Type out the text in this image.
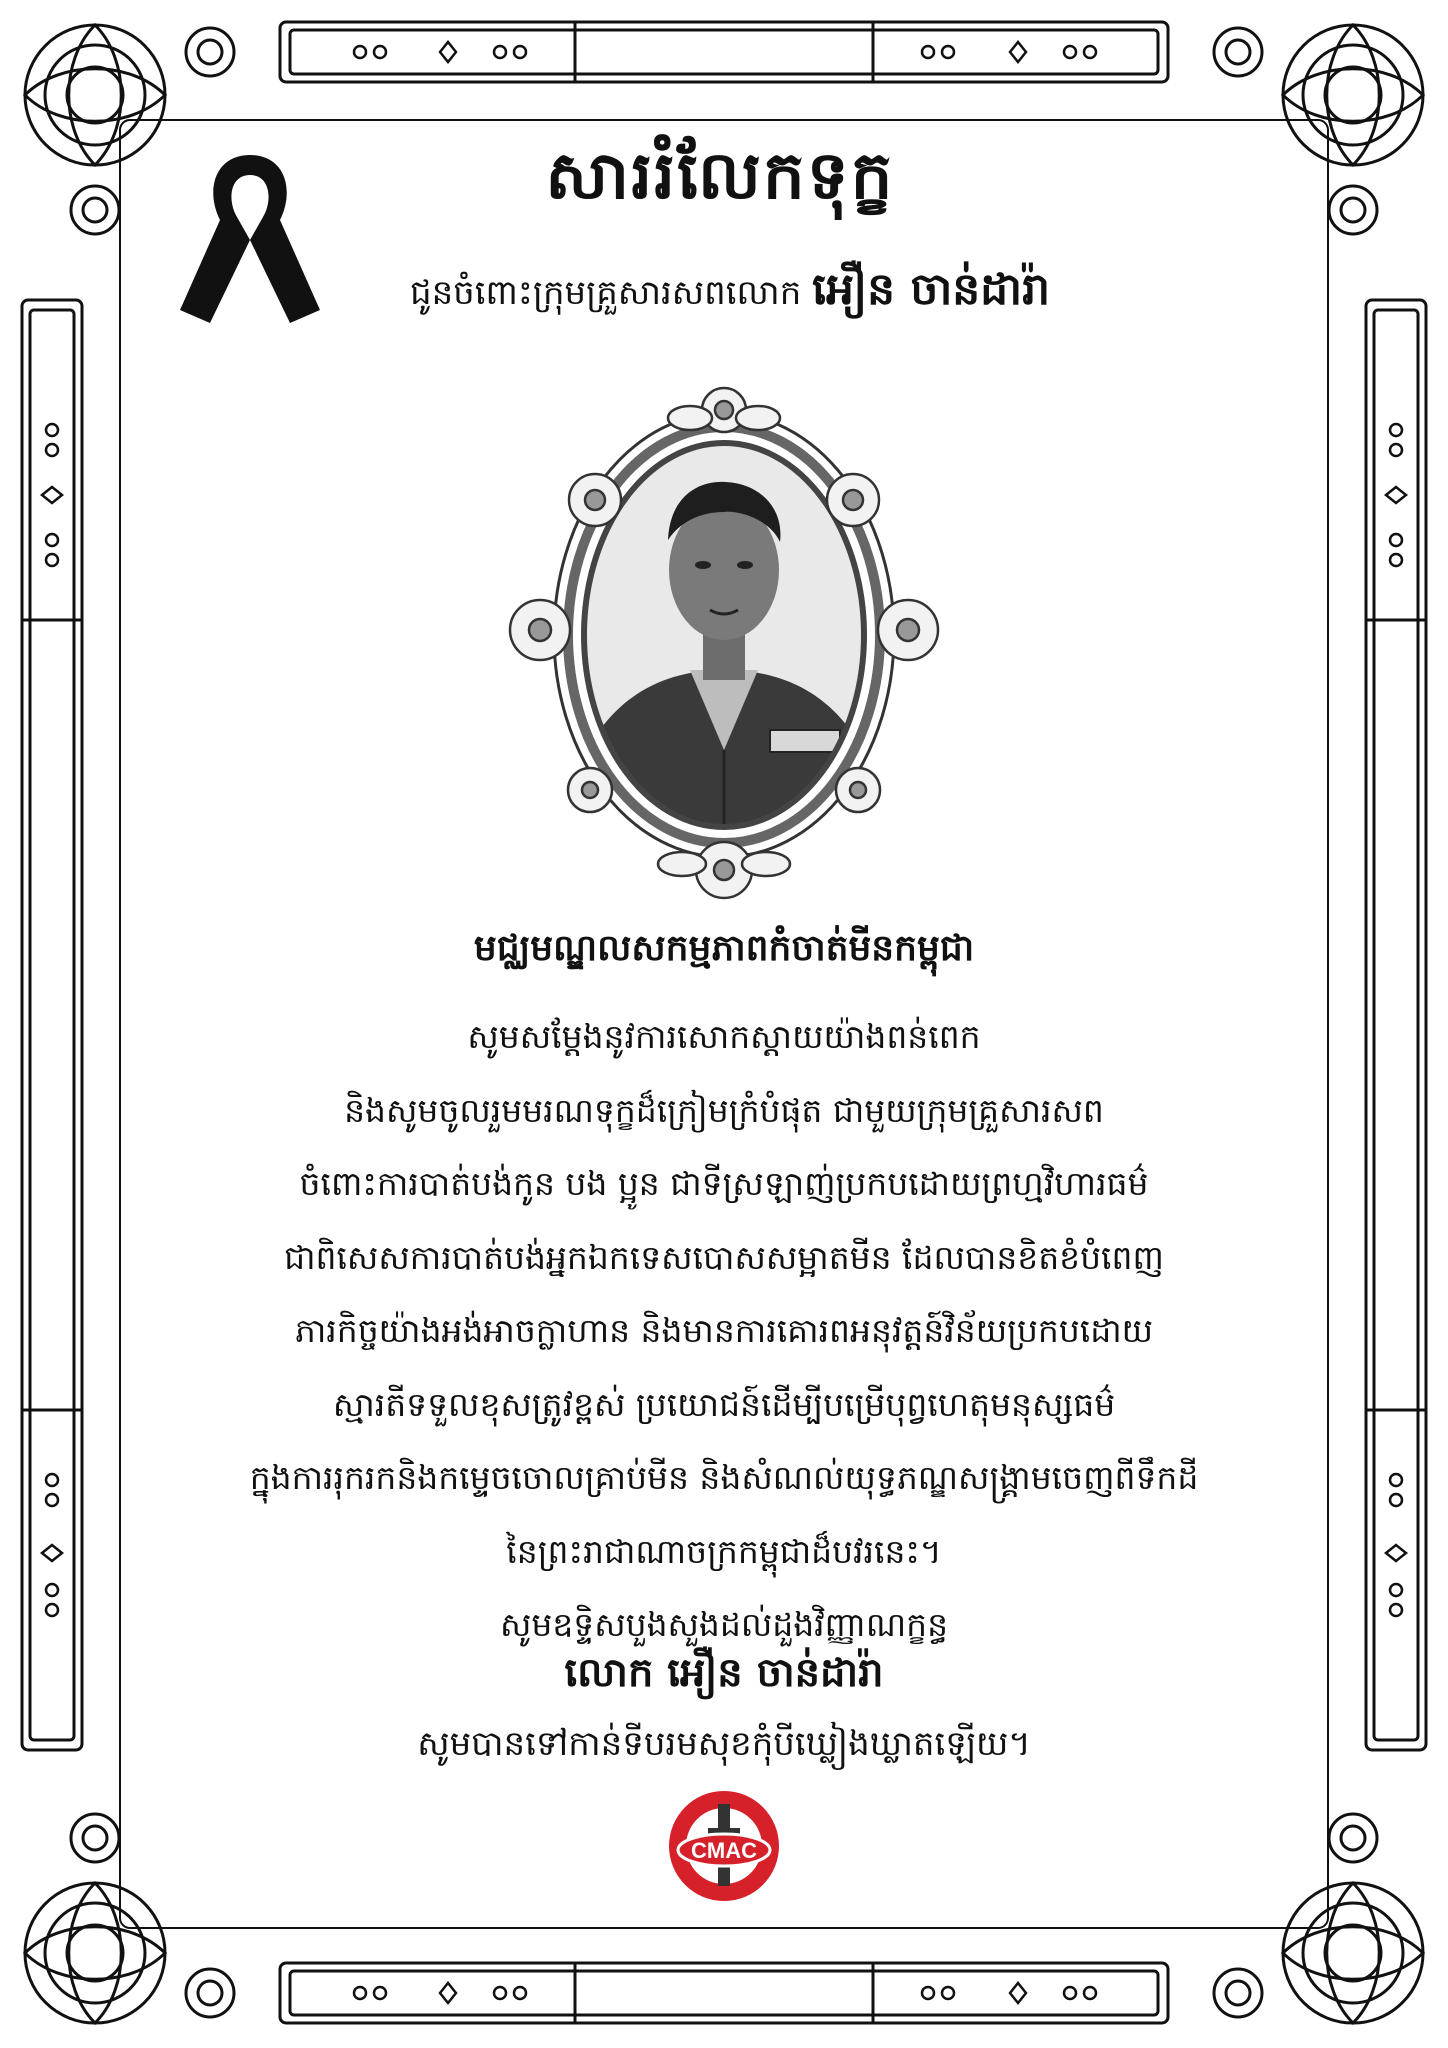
សាររំលែកទុក្ខ
ជូនចំពោះក្រុមគ្រួសារសពលោក អឿន ចាន់ដារ៉ា
មជ្ឈមណ្ឌលសកម្មភាពកំចាត់មីនកម្ពុជា
សូមសម្តែងនូវការសោកស្តាយយ៉ាងពន់ពេក
និងសូមចូលរួមមរណទុក្ខដ៏ក្រៀមក្រំបំផុត ជាមួយក្រុមគ្រួសារសព
ចំពោះការបាត់បង់កូន បង ប្អូន ជាទីស្រឡាញ់ប្រកបដោយព្រហ្មវិហារធម៌
ជាពិសេសការបាត់បង់អ្នកឯកទេសបោសសម្អាតមីន ដែលបានខិតខំបំពេញ
ភារកិច្ចយ៉ាងអង់អាចក្លាហាន និងមានការគោរពអនុវត្តន៍វិន័យប្រកបដោយ
ស្មារតីទទួលខុសត្រូវខ្ពស់ ប្រយោជន៍ដើម្បីបម្រើបុព្វហេតុមនុស្សធម៌
ក្នុងការរុករកនិងកម្ទេចចោលគ្រាប់មីន និងសំណល់យុទ្ធភណ្ឌសង្គ្រាមចេញពីទឹកដី
នៃព្រះរាជាណាចក្រកម្ពុជាដ៏បវរនេះ។
សូមឧទ្ទិសបួងសួងដល់ដួងវិញ្ញាណក្ខន្ធ
លោក អឿន ចាន់ដារ៉ា
សូមបានទៅកាន់ទីបរមសុខកុំបីឃ្លៀងឃ្លាតឡើយ។
CMAC
